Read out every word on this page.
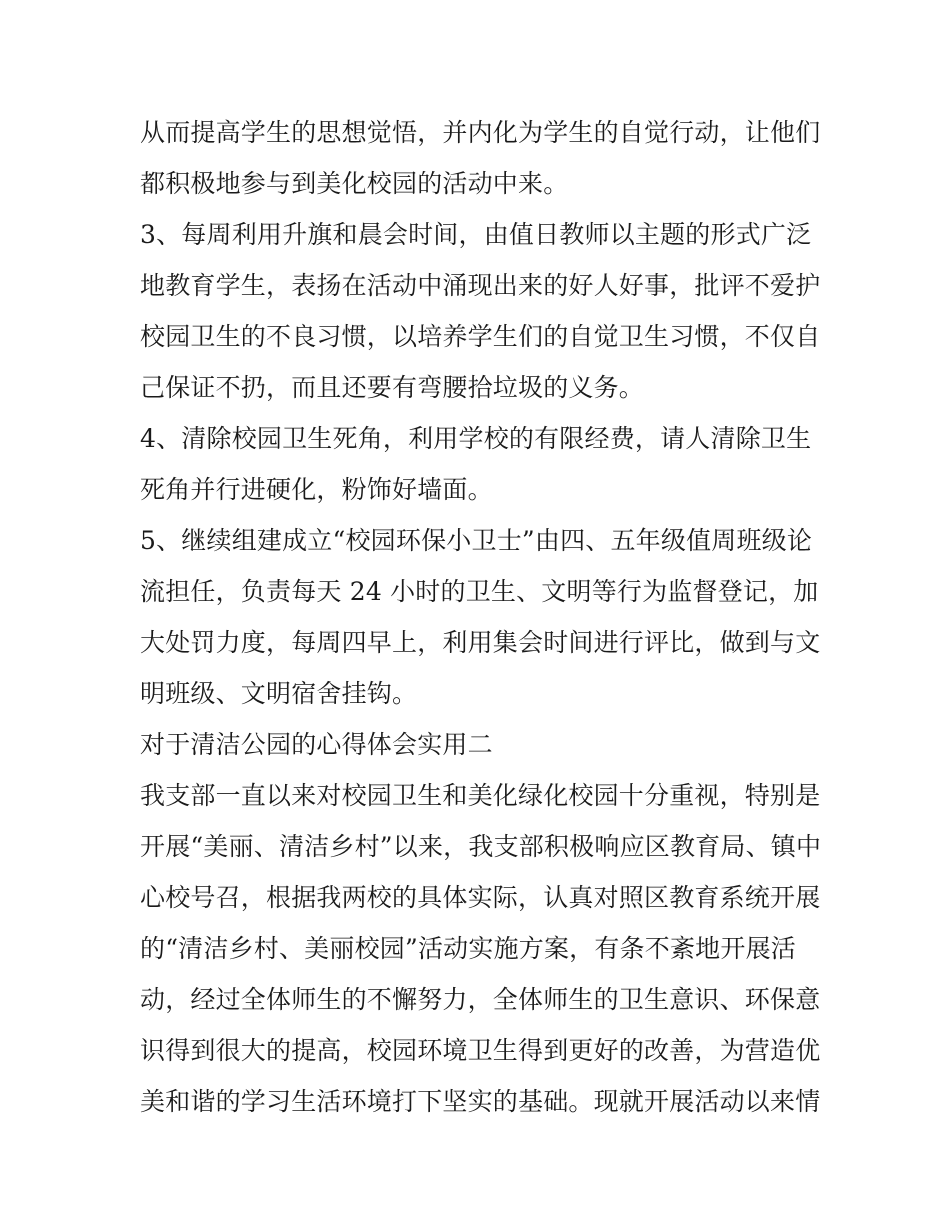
从而提高学生的思想觉悟，并内化为学生的自觉行动，让他们
都积极地参与到美化校园的活动中来。
3、每周利用升旗和晨会时间，由值日教师以主题的形式广泛
地教育学生，表扬在活动中涌现出来的好人好事，批评不爱护
校园卫生的不良习惯，以培养学生们的自觉卫生习惯，不仅自
己保证不扔，而且还要有弯腰拾垃圾的义务。
4、清除校园卫生死角，利用学校的有限经费，请人清除卫生
死角并行进硬化，粉饰好墙面。
5、继续组建成立“校园环保小卫士”由四、五年级值周班级论
流担任，负责每天 24 小时的卫生、文明等行为监督登记，加
大处罚力度，每周四早上，利用集会时间进行评比，做到与文
明班级、文明宿舍挂钩。
对于清洁公园的心得体会实用二
我支部一直以来对校园卫生和美化绿化校园十分重视，特别是
开展“美丽、清洁乡村”以来，我支部积极响应区教育局、镇中
心校号召，根据我两校的具体实际，认真对照区教育系统开展
的“清洁乡村、美丽校园”活动实施方案，有条不紊地开展活
动，经过全体师生的不懈努力，全体师生的卫生意识、环保意
识得到很大的提高，校园环境卫生得到更好的改善，为营造优
美和谐的学习生活环境打下坚实的基础。现就开展活动以来情
